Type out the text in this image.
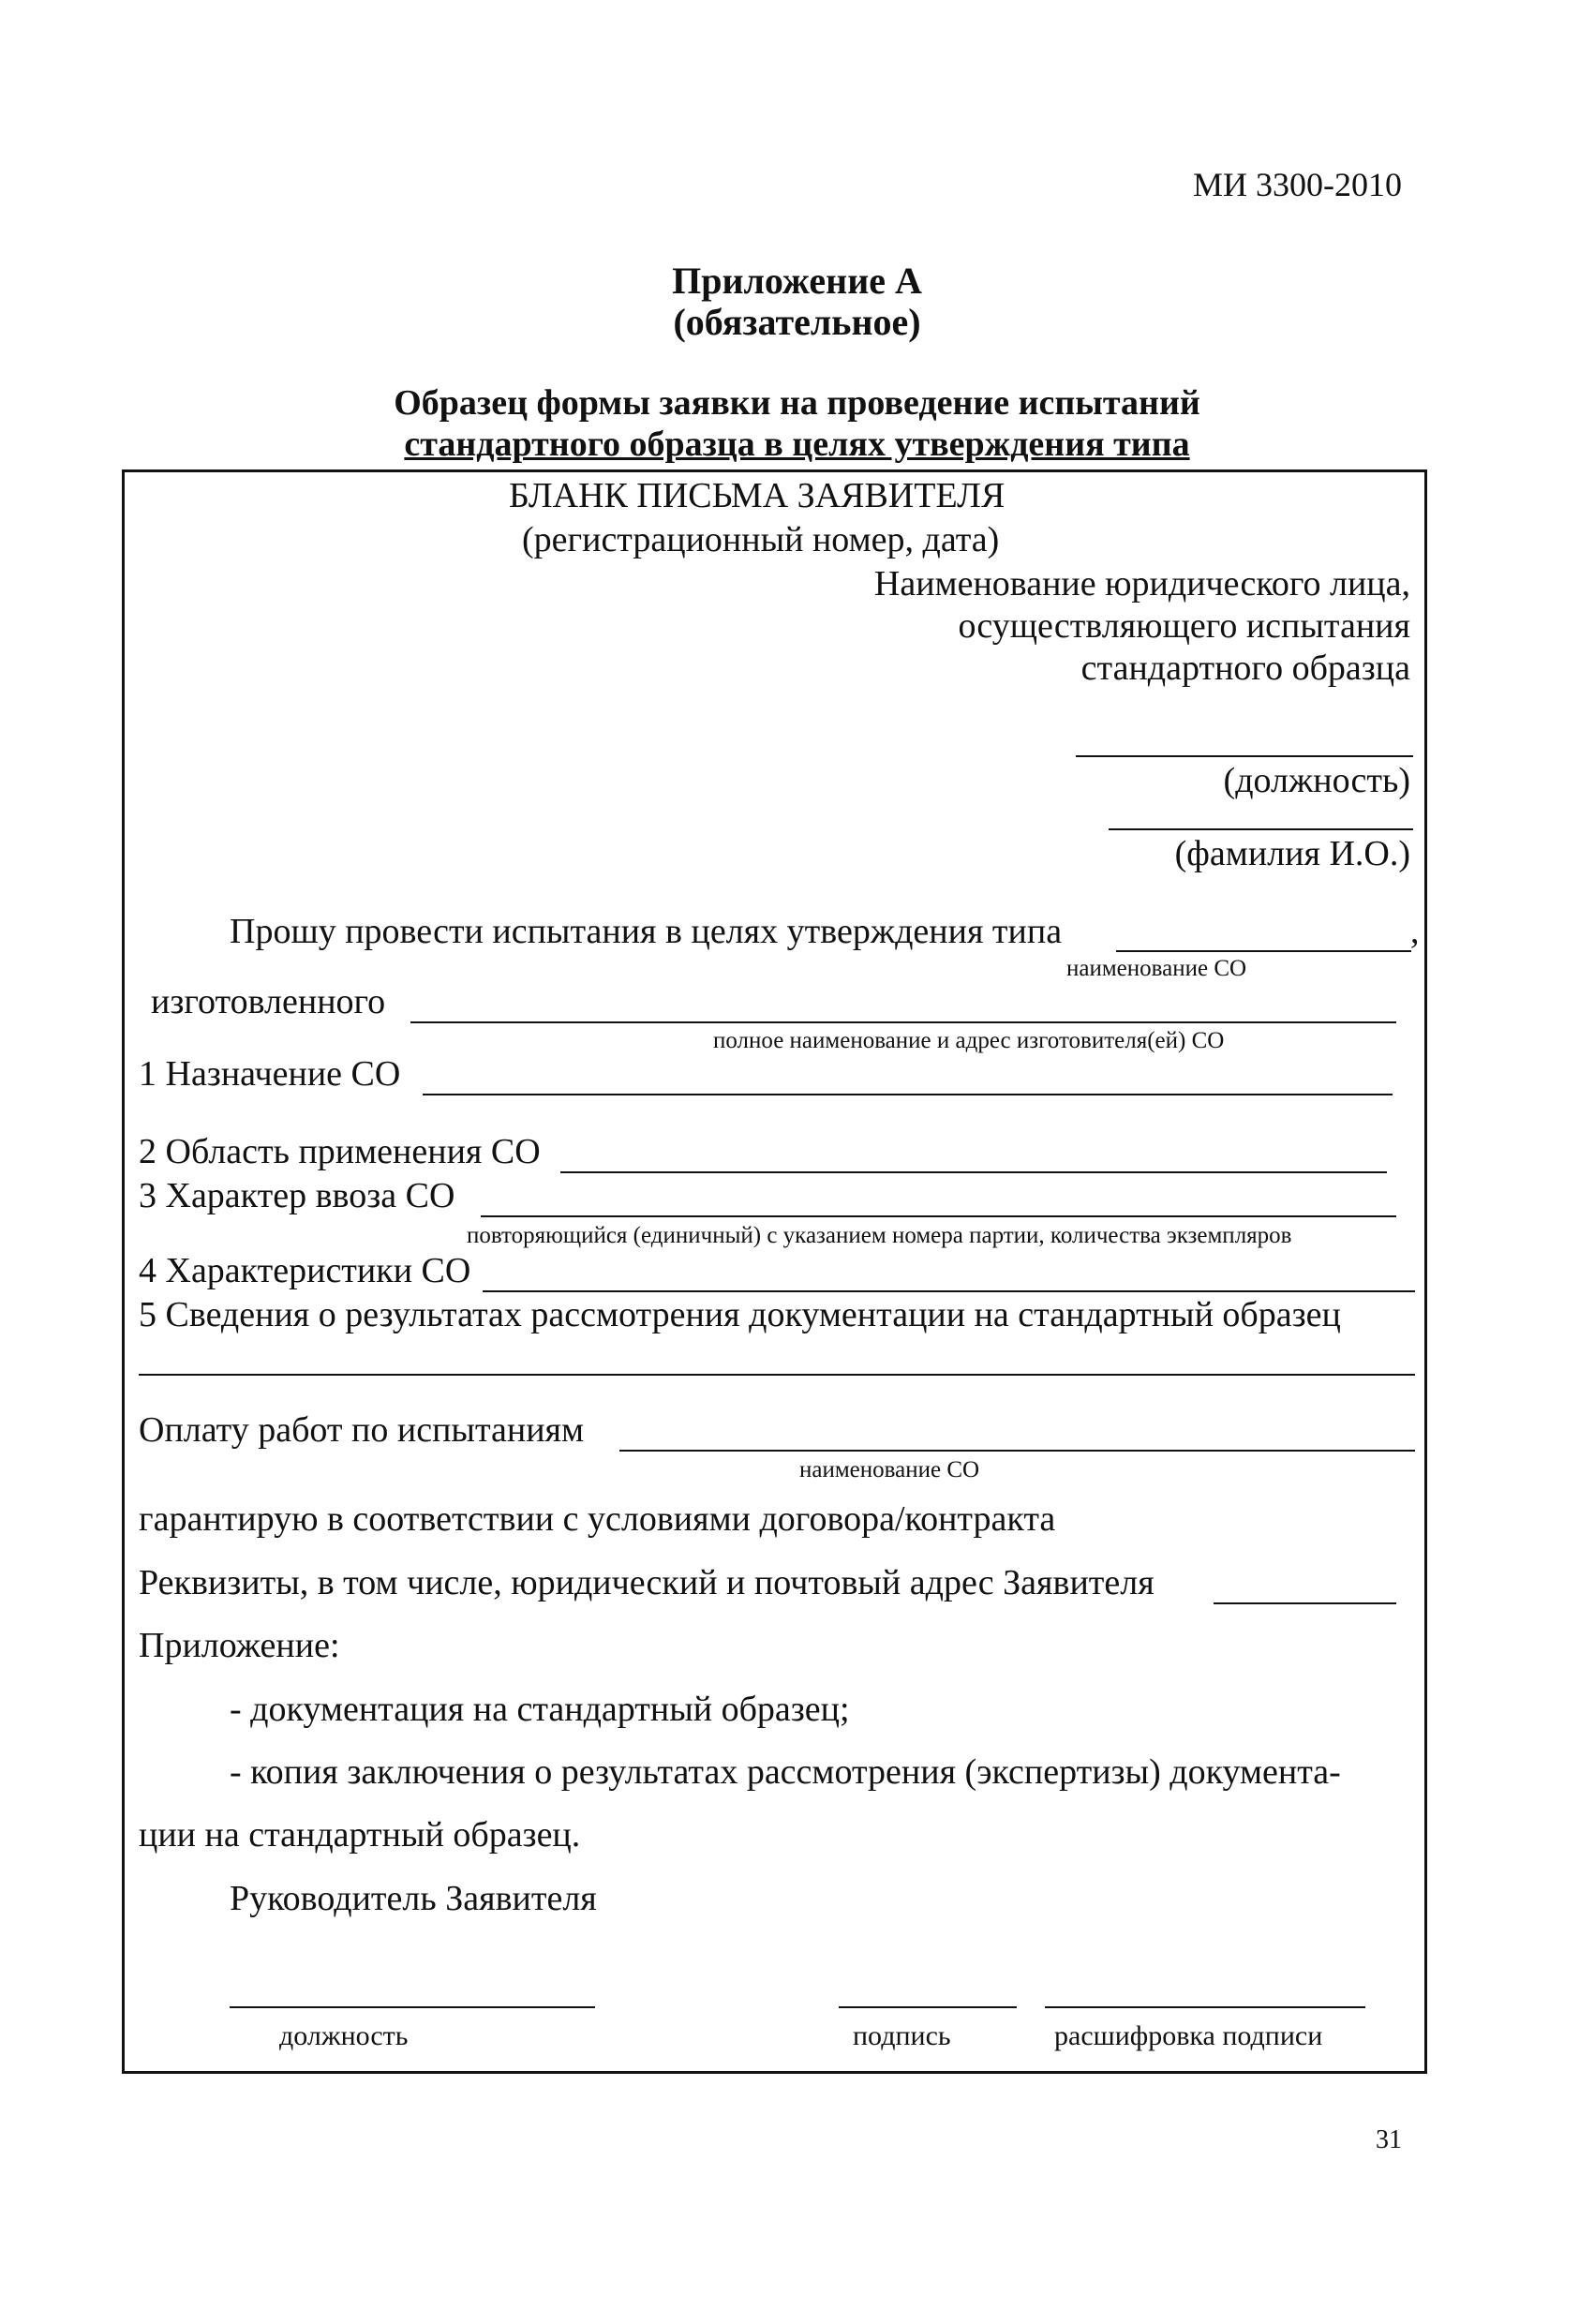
МИ 3300-2010
Приложение А
(обязательное)
Образец формы заявки на проведение испытаний
стандартного образца в целях утверждения типа
БЛАНК ПИСЬМА ЗАЯВИТЕЛЯ
(регистрационный номер, дата)
Наименование юридического лица,
осуществляющего испытания
стандартного образца
(должность)
(фамилия И.О.)
Прошу провести испытания в целях утверждения типа	,
наименование СО
изготовленного
полное наименование и адрес изготовителя(ей) СО
1 Назначение СО
2 Область применения СО
3 Характер ввоза СО
повторяющийся (единичный) с указанием номера партии, количества экземпляров
4 Характеристики СО
5 Сведения о результатах рассмотрения документации на стандартный образец
Оплату работ по испытаниям
наименование СО
гарантирую в соответствии с условиями договора/контракта
Реквизиты, в том числе, юридический и почтовый адрес Заявителя
Приложение:
- документация на стандартный образец;
- копия заключения о результатах рассмотрения (экспертизы) документа-
ции на стандартный образец.
Руководитель Заявителя
должность	подпись	расшифровка подписи
31
